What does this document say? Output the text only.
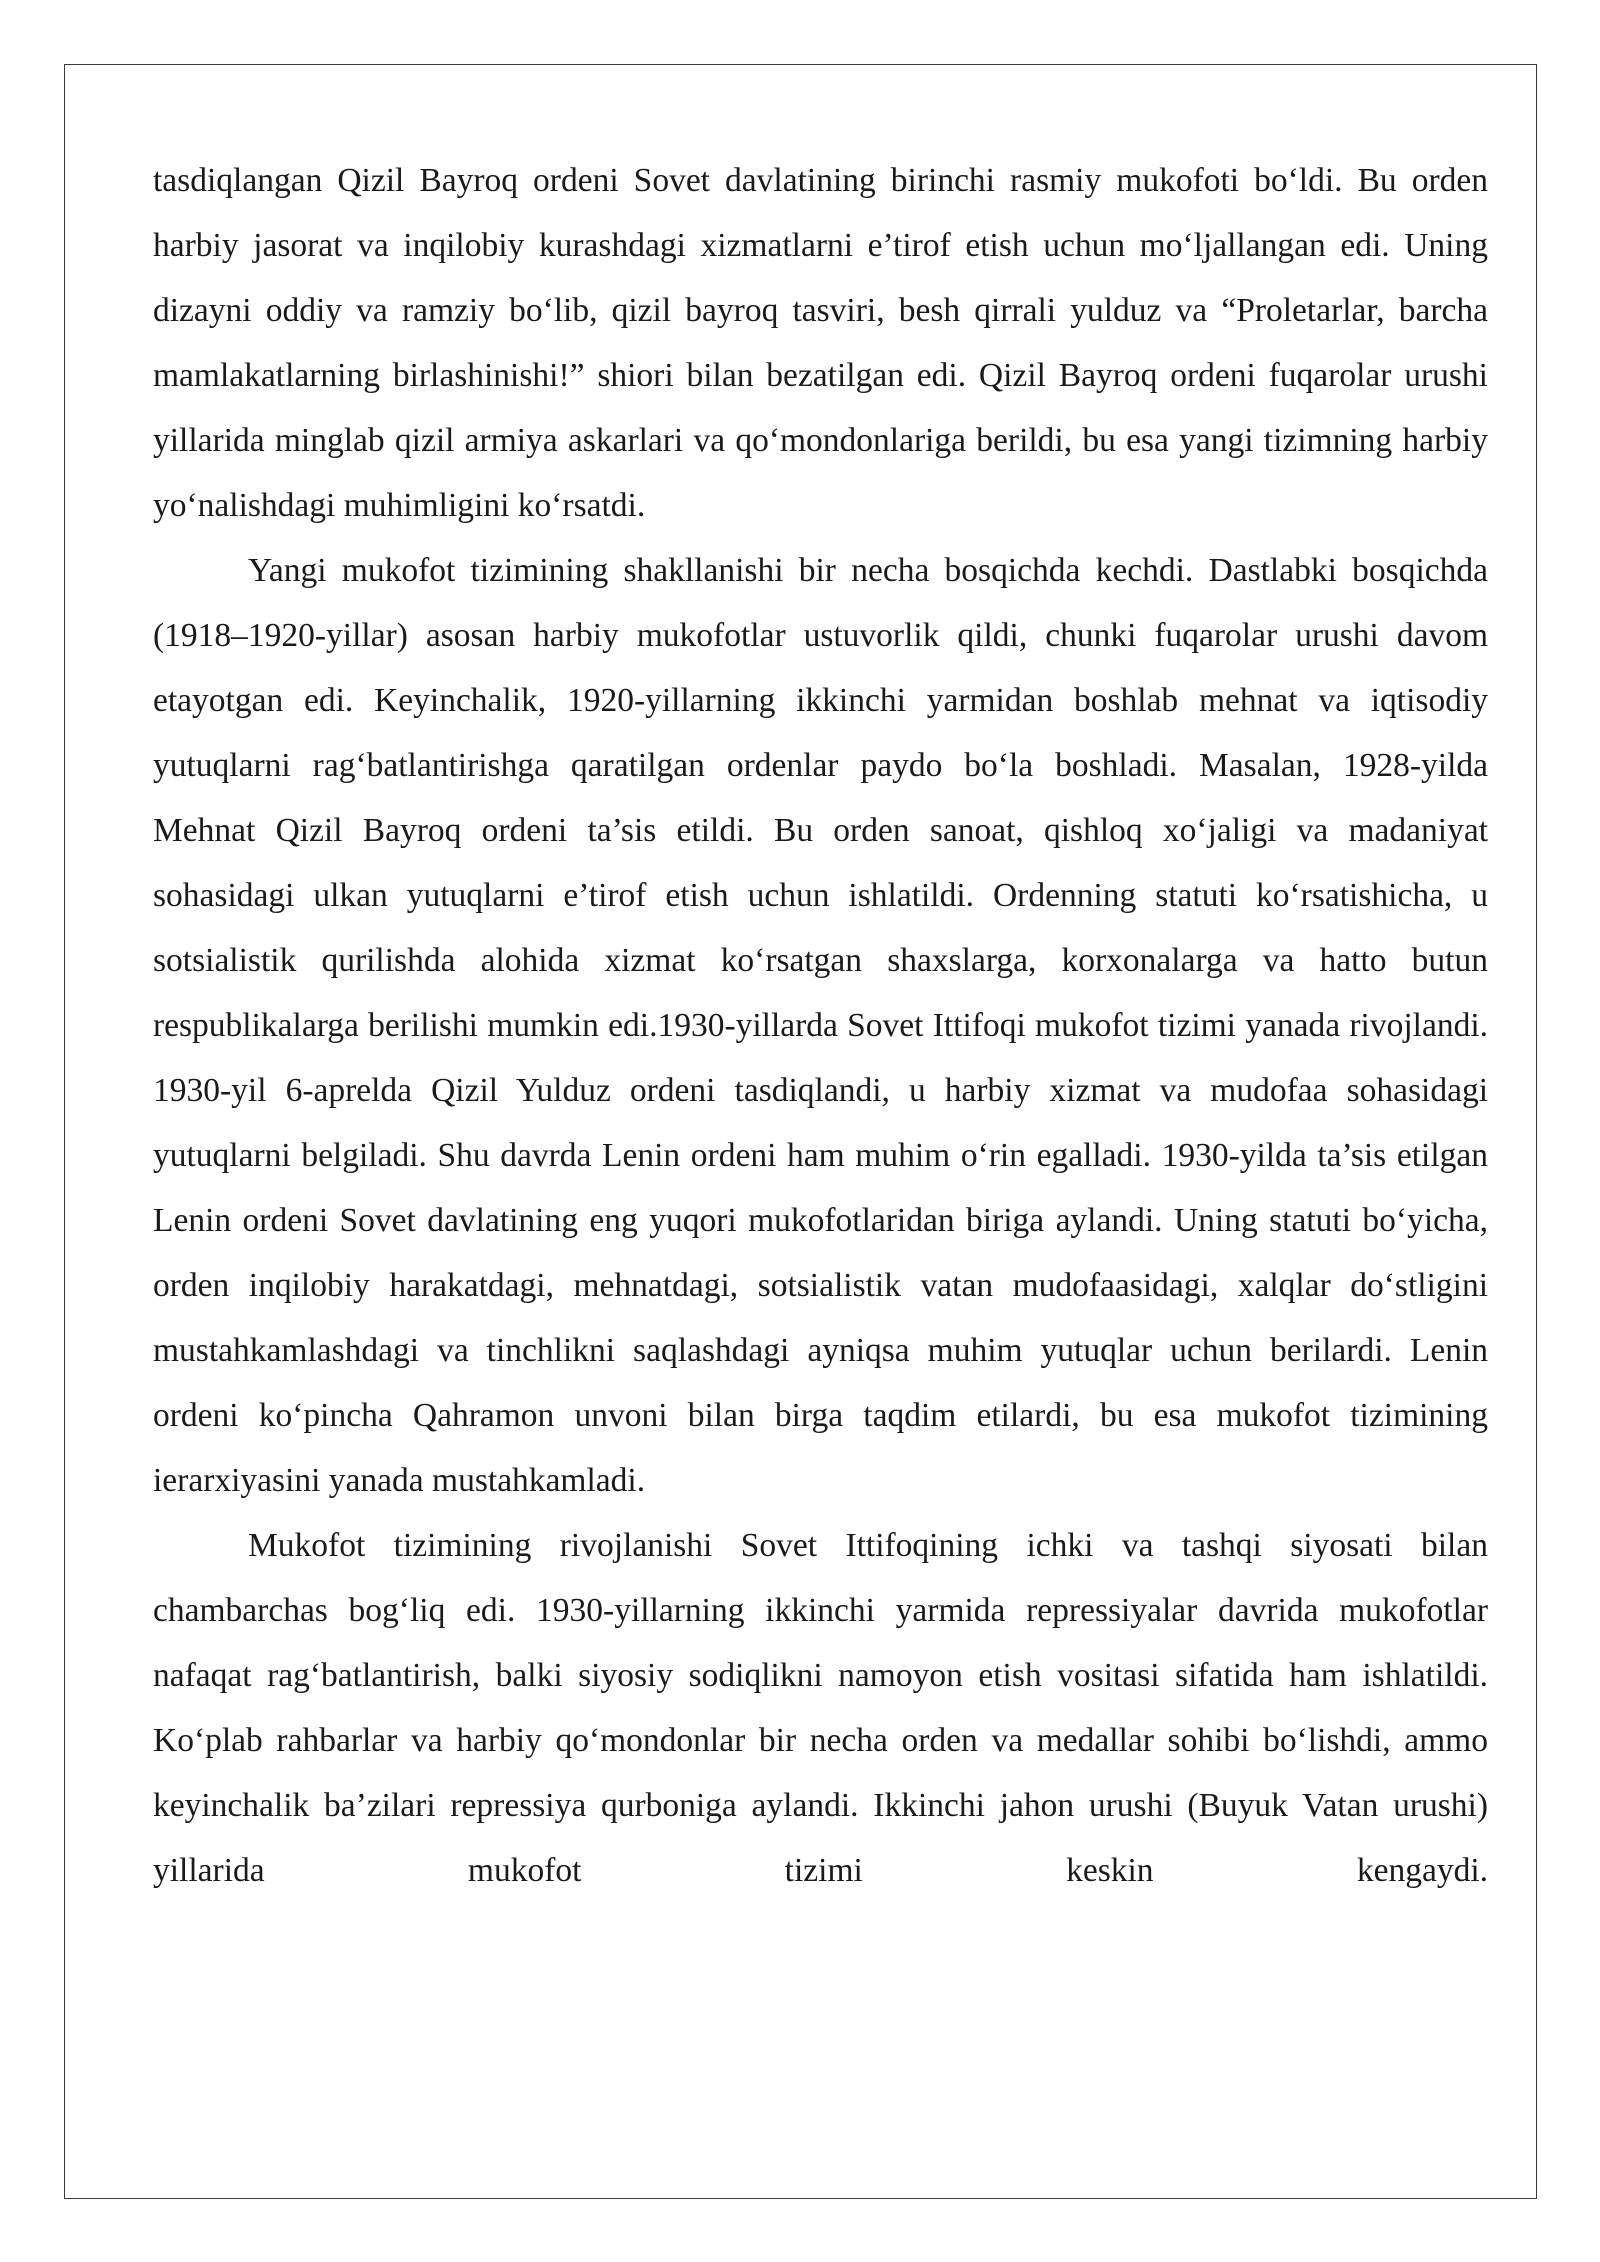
tasdiqlangan Qizil Bayroq ordeni Sovet davlatining birinchi rasmiy mukofoti bo‘ldi. Bu orden harbiy jasorat va inqilobiy kurashdagi xizmatlarni e’tirof etish uchun mo‘ljallangan edi. Uning dizayni oddiy va ramziy bo‘lib, qizil bayroq tasviri, besh qirrali yulduz va “Proletarlar, barcha mamlakatlarning birlashinishi!” shiori bilan bezatilgan edi. Qizil Bayroq ordeni fuqarolar urushi yillarida minglab qizil armiya askarlari va qo‘mondonlariga berildi, bu esa yangi tizimning harbiy yo‘nalishdagi muhimligini ko‘rsatdi.

Yangi mukofot tizimining shakllanishi bir necha bosqichda kechdi. Dastlabki bosqichda (1918–1920-yillar) asosan harbiy mukofotlar ustuvorlik qildi, chunki fuqarolar urushi davom etayotgan edi. Keyinchalik, 1920-yillarning ikkinchi yarmidan boshlab mehnat va iqtisodiy yutuqlarni rag‘batlantirishga qaratilgan ordenlar paydo bo‘la boshladi. Masalan, 1928-yilda Mehnat Qizil Bayroq ordeni ta’sis etildi. Bu orden sanoat, qishloq xo‘jaligi va madaniyat sohasidagi ulkan yutuqlarni e’tirof etish uchun ishlatildi. Ordenning statuti ko‘rsatishicha, u sotsialistik qurilishda alohida xizmat ko‘rsatgan shaxslarga, korxonalarga va hatto butun respublikalarga berilishi mumkin edi.1930-yillarda Sovet Ittifoqi mukofot tizimi yanada rivojlandi. 1930-yil 6-aprelda Qizil Yulduz ordeni tasdiqlandi, u harbiy xizmat va mudofaa sohasidagi yutuqlarni belgiladi. Shu davrda Lenin ordeni ham muhim o‘rin egalladi. 1930-yilda ta’sis etilgan Lenin ordeni Sovet davlatining eng yuqori mukofotlaridan biriga aylandi. Uning statuti bo‘yicha, orden inqilobiy harakatdagi, mehnatdagi, sotsialistik vatan mudofaasidagi, xalqlar do‘stligini mustahkamlashdagi va tinchlikni saqlashdagi ayniqsa muhim yutuqlar uchun berilardi. Lenin ordeni ko‘pincha Qahramon unvoni bilan birga taqdim etilardi, bu esa mukofot tizimining ierarxiyasini yanada mustahkamladi.

Mukofot tizimining rivojlanishi Sovet Ittifoqining ichki va tashqi siyosati bilan chambarchas bog‘liq edi. 1930-yillarning ikkinchi yarmida repressiyalar davrida mukofotlar nafaqat rag‘batlantirish, balki siyosiy sodiqlikni namoyon etish vositasi sifatida ham ishlatildi. Ko‘plab rahbarlar va harbiy qo‘mondonlar bir necha orden va medallar sohibi bo‘lishdi, ammo keyinchalik ba’zilari repressiya qurboniga aylandi. Ikkinchi jahon urushi (Buyuk Vatan urushi) yillarida mukofot tizimi keskin kengaydi.
